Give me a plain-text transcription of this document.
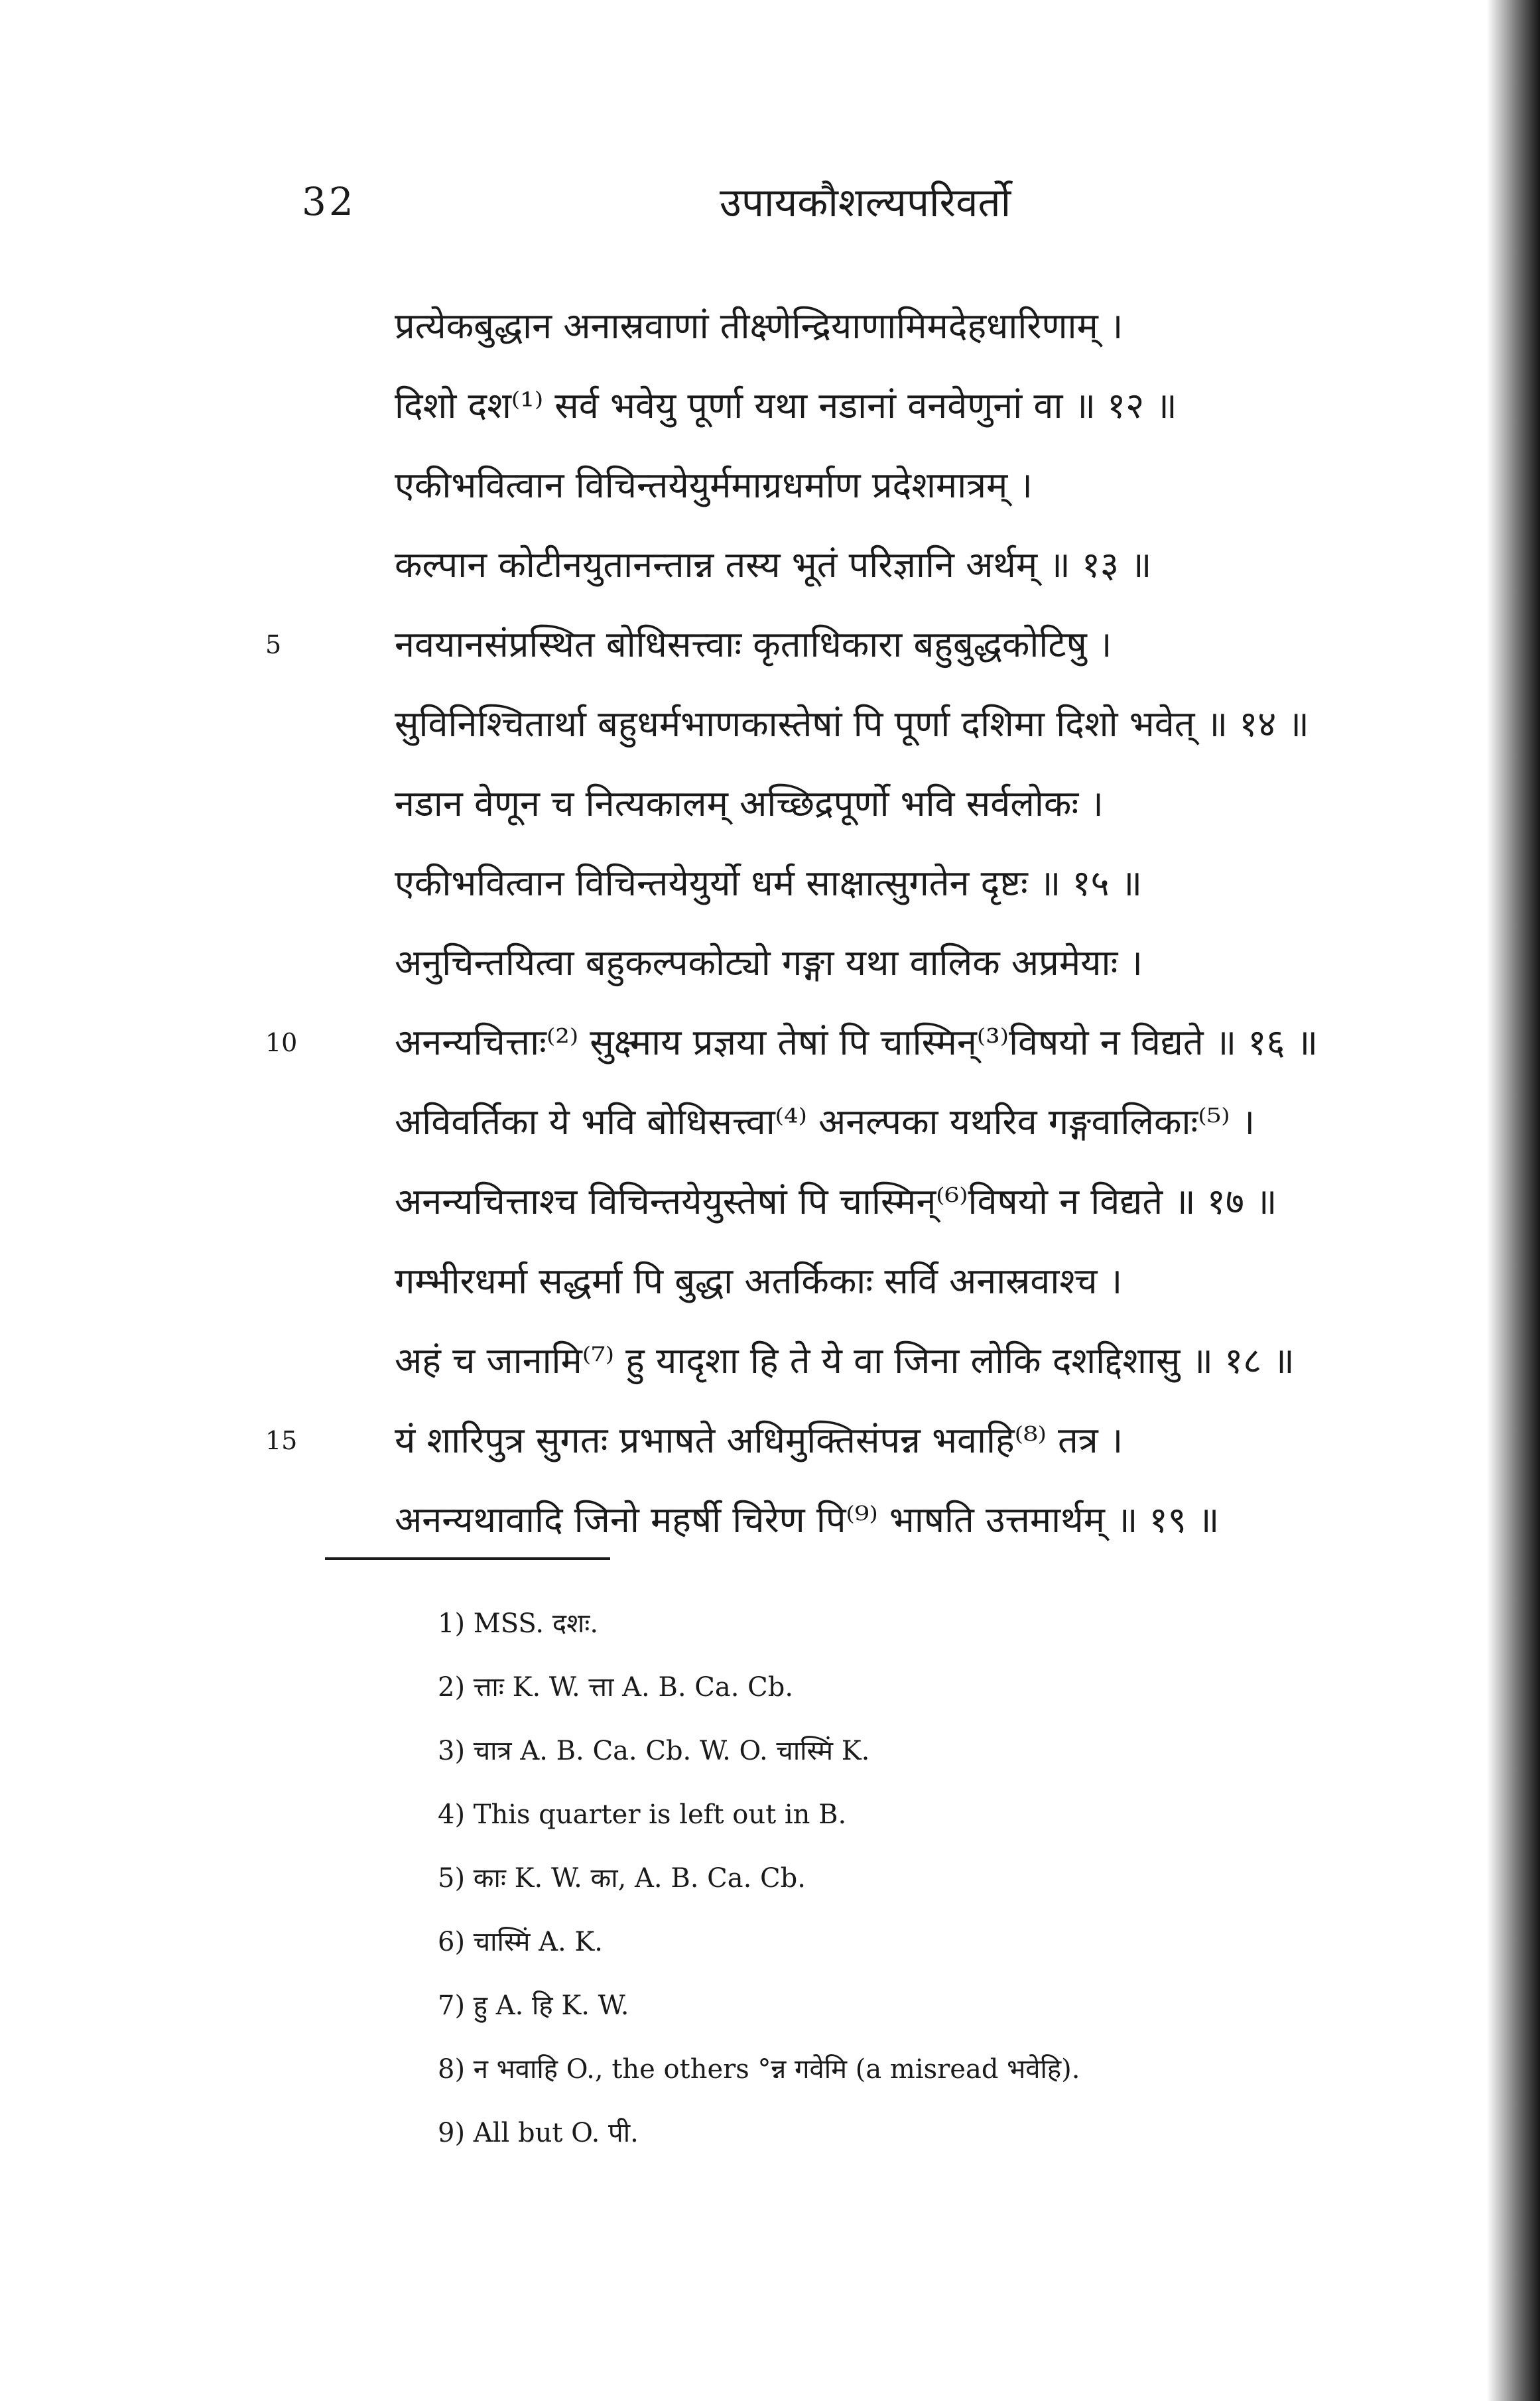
32	उपायकौशल्यपरिवर्तो
5
10
15
प्रत्येकबुद्धान अनास्रवाणां तीक्ष्णेन्द्रियाणामिमदेहधारिणाम् ।
दिशो दश⁽¹⁾ सर्व भवेयु पूर्णा यथा नडानां वनवेणुनां वा ॥ १२ ॥
एकीभवित्वान विचिन्तयेयुर्ममाग्रधर्माण प्रदेशमात्रम् ।
कल्पान कोटीनयुतानन्तान्न तस्य भूतं परिज्ञानि अर्थम् ॥ १३ ॥
नवयानसंप्रस्थित बोधिसत्त्वाः कृताधिकारा बहुबुद्धकोटिषु ।
सुविनिश्चितार्था बहुधर्मभाणकास्तेषां पि पूर्णा दशिमा दिशो भवेत् ॥ १४ ॥
नडान वेणून च नित्यकालम् अच्छिद्रपूर्णो भवि सर्वलोकः ।
एकीभवित्वान विचिन्तयेयुर्यो धर्म साक्षात्सुगतेन दृष्टः ॥ १५ ॥
अनुचिन्तयित्वा बहुकल्पकोट्यो गङ्गा यथा वालिक अप्रमेयाः ।
अनन्यचित्ताः⁽²⁾ सुक्ष्माय प्रज्ञया तेषां पि चास्मिन्⁽³⁾विषयो न विद्यते ॥ १६ ॥
अविवर्तिका ये भवि बोधिसत्त्वा⁽⁴⁾ अनल्पका यथरिव गङ्गवालिकाः⁽⁵⁾ ।
अनन्यचित्ताश्च विचिन्तयेयुस्तेषां पि चास्मिन्⁽⁶⁾विषयो न विद्यते ॥ १७ ॥
गम्भीरधर्मा सद्धर्मा पि बुद्धा अतर्किकाः सर्वि अनास्रवाश्च ।
अहं च जानामि⁽⁷⁾ हु यादृशा हि ते ये वा जिना लोकि दशद्दिशासु ॥ १८ ॥
यं शारिपुत्र सुगतः प्रभाषते अधिमुक्तिसंपन्न भवाहि⁽⁸⁾ तत्र ।
अनन्यथावादि जिनो महर्षी चिरेण पि⁽⁹⁾ भाषति उत्तमार्थम् ॥ १९ ॥
1) MSS. दशः.
2) त्ताः K. W. त्ता A. B. Ca. Cb.
3) चात्र A. B. Ca. Cb. W. O. चास्मिं K.
4) This quarter is left out in B.
5) काः K. W. का, A. B. Ca. Cb.
6) चास्मिं A. K.
7) हु A. हि K. W.
8) न भवाहि O., the others °न्न गवेमि (a misread भवेहि).
9) All but O. पी.
